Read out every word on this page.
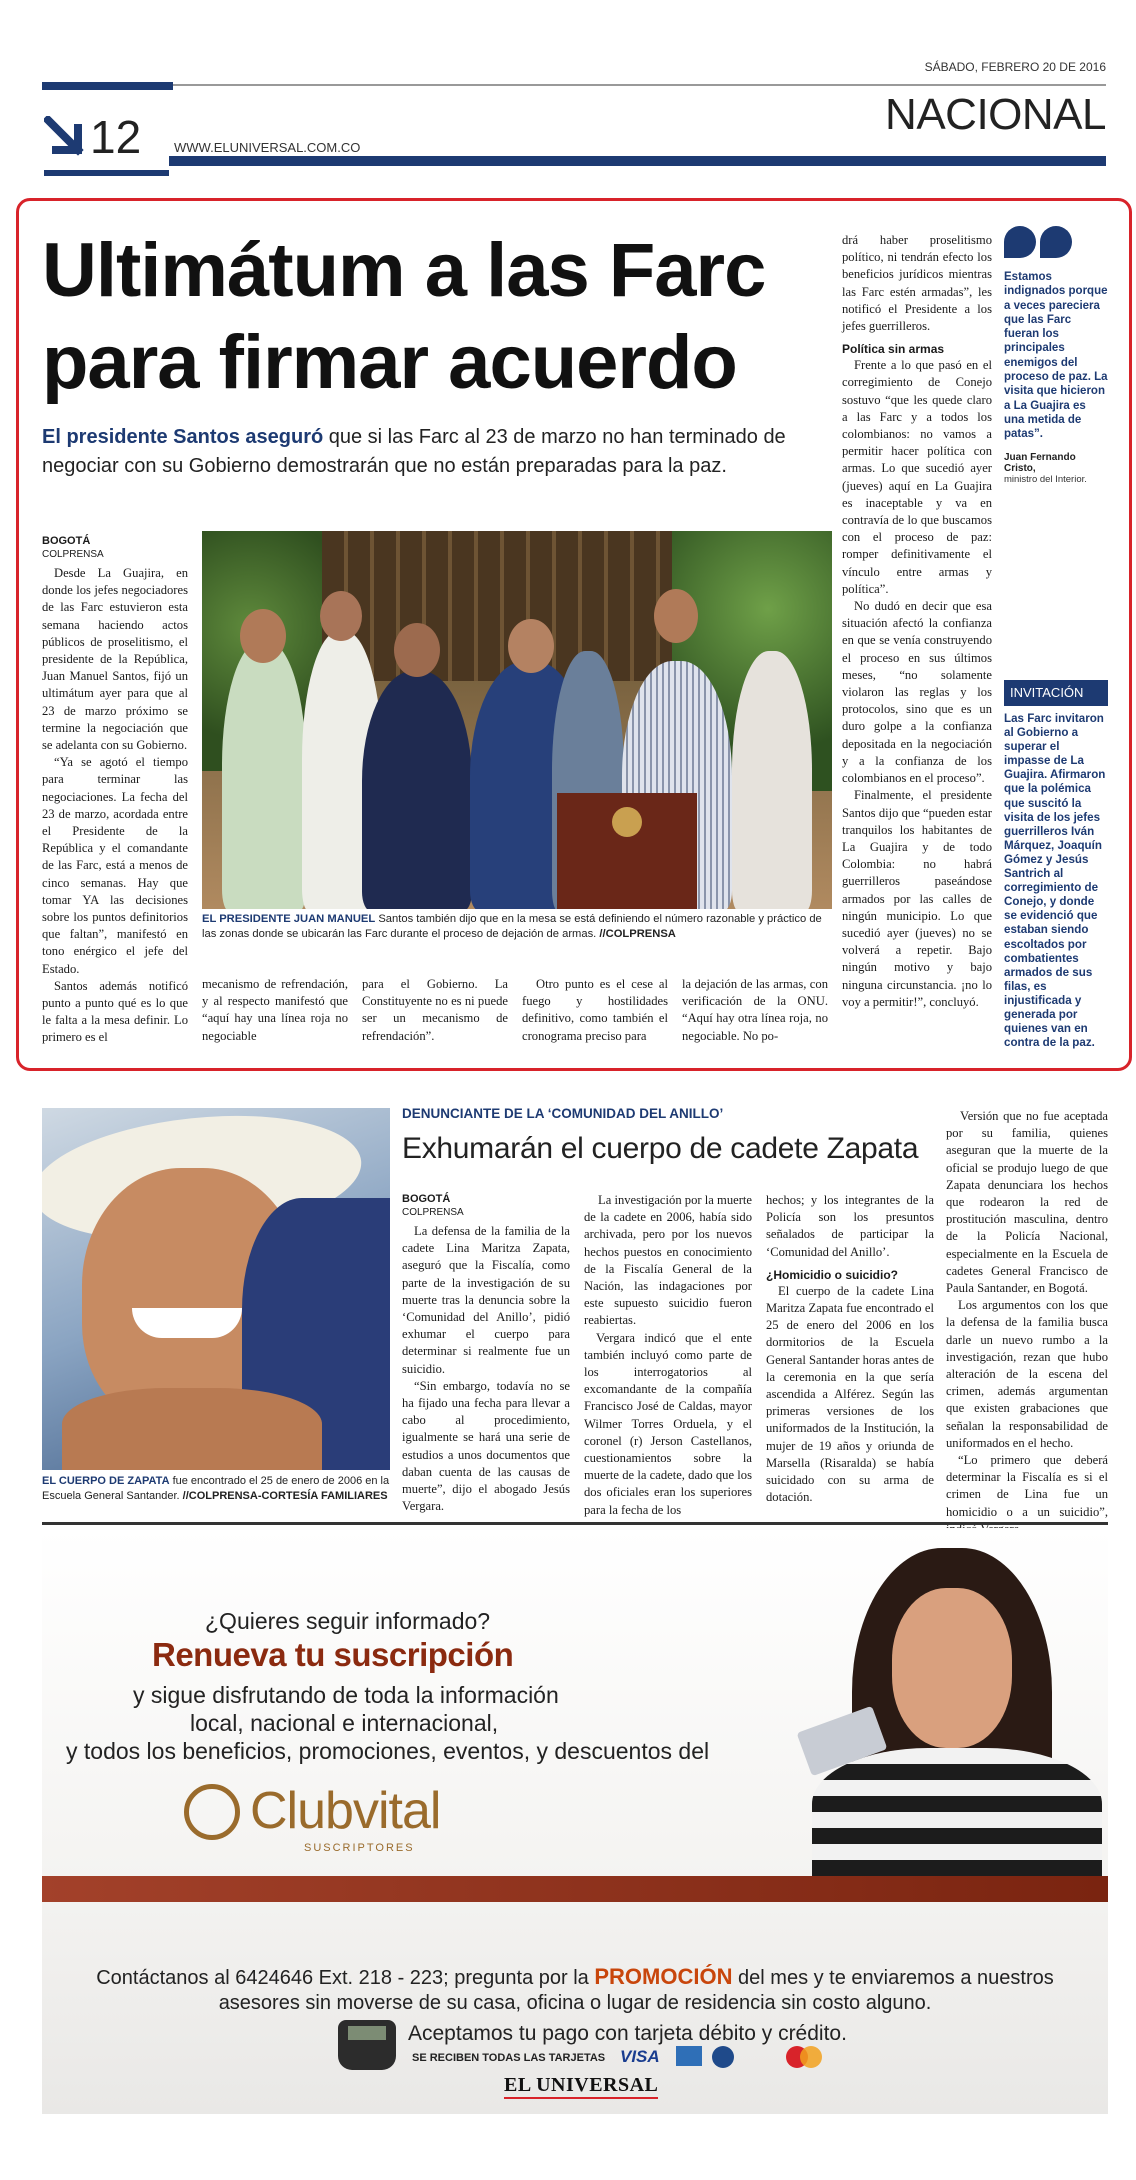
SÁBADO, FEBRERO 20 DE 2016
12	WWW.ELUNIVERSAL.COM.CO
NACIONAL
Ultimátum a las Farc
para firmar acuerdo
El presidente Santos aseguró que si las Farc al 23 de marzo no han terminado de negociar con su Gobierno demostrarán que no están preparadas para la paz.
BOGOTÁ
COLPRENSA

Desde La Guajira, en donde los jefes negociadores de las Farc estuvieron esta semana haciendo actos públicos de proselitismo, el presidente de la República, Juan Manuel Santos, fijó un ultimátum ayer para que al 23 de marzo próximo se termine la negociación que se adelanta con su Gobierno.

“Ya se agotó el tiempo para terminar las negociaciones. La fecha del 23 de marzo, acordada entre el Presidente de la República y el comandante de las Farc, está a menos de cinco semanas. Hay que tomar YA las decisiones sobre los puntos definitorios que faltan”, manifestó en tono enérgico el jefe del Estado.

Santos además notificó punto a punto qué es lo que le falta a la mesa definir. Lo primero es el

EL PRESIDENTE JUAN MANUEL Santos también dijo que en la mesa se está definiendo el número razonable y práctico de las zonas donde se ubicarán las Farc durante el proceso de dejación de armas. //COLPRENSA

mecanismo de refrendación, y al respecto manifestó que “aquí hay una línea roja no negociable

para el Gobierno. La Constituyente no es ni puede ser un mecanismo de refrendación”.

Otro punto es el cese al fuego y hostilidades definitivo, como también el cronograma preciso para

la dejación de las armas, con verificación de la ONU. “Aquí hay otra línea roja, no negociable. No po-

drá haber proselitismo político, ni tendrán efecto los beneficios jurídicos mientras las Farc estén armadas”, les notificó el Presidente a los jefes guerrilleros.

Política sin armas

Frente a lo que pasó en el corregimiento de Conejo sostuvo “que les quede claro a las Farc y a todos los colombianos: no vamos a permitir hacer política con armas. Lo que sucedió ayer (jueves) aquí en La Guajira es inaceptable y va en contravía de lo que buscamos con el proceso de paz: romper definitivamente el vínculo entre armas y política”.

No dudó en decir que esa situación afectó la confianza en que se venía construyendo el proceso en sus últimos meses, “no solamente violaron las reglas y los protocolos, sino que es un duro golpe a la confianza depositada en la negociación y a la confianza de los colombianos en el proceso”.

Finalmente, el presidente Santos dijo que “pueden estar tranquilos los habitantes de La Guajira y de todo Colombia: no habrá guerrilleros paseándose armados por las calles de ningún municipio. Lo que sucedió ayer (jueves) no se volverá a repetir. Bajo ningún motivo y bajo ninguna circunstancia. ¡no lo voy a permitir!”, concluyó.

Estamos indignados porque a veces pareciera que las Farc fueran los principales enemigos del proceso de paz. La visita que hicieron a La Guajira es una metida de patas”.
Juan Fernando Cristo,
ministro del Interior.
INVITACIÓN
Las Farc invitaron al Gobierno a superar el impasse de La Guajira. Afirmaron que la polémica que suscitó la visita de los jefes guerrilleros Iván Márquez, Joaquín Gómez y Jesús Santrich al corregimiento de Conejo, y donde se evidenció que estaban siendo escoltados por combatientes armados de sus filas, es injustificada y generada por quienes van en contra de la paz.
EL CUERPO DE ZAPATA fue encontrado el 25 de enero de 2006 en la Escuela General Santander. //COLPRENSA-CORTESÍA FAMILIARES
DENUNCIANTE DE LA ‘COMUNIDAD DEL ANILLO’
Exhumarán el cuerpo de cadete Zapata
BOGOTÁ
COLPRENSA

La defensa de la familia de la cadete Lina Maritza Zapata, aseguró que la Fiscalía, como parte de la investigación de su muerte tras la denuncia sobre la ‘Comunidad del Anillo’, pidió exhumar el cuerpo para determinar si realmente fue un suicidio.

“Sin embargo, todavía no se ha fijado una fecha para llevar a cabo al procedimiento, igualmente se hará una serie de estudios a unos documentos que daban cuenta de las causas de muerte”, dijo el abogado Jesús Vergara.

La investigación por la muerte de la cadete en 2006, había sido archivada, pero por los nuevos hechos puestos en conocimiento de la Fiscalía General de la Nación, las indagaciones por este supuesto suicidio fueron reabiertas.

Vergara indicó que el ente también incluyó como parte de los interrogatorios al excomandante de la compañía Francisco José de Caldas, mayor Wilmer Torres Orduela, y el coronel (r) Jerson Castellanos, cuestionamientos sobre la muerte de la cadete, dado que los dos oficiales eran los superiores para la fecha de los

hechos; y los integrantes de la Policía son los presuntos señalados de participar la ‘Comunidad del Anillo’.

¿Homicidio o suicidio?

El cuerpo de la cadete Lina Maritza Zapata fue encontrado el 25 de enero del 2006 en los dormitorios de la Escuela General Santander horas antes de la ceremonia en la que sería ascendida a Alférez. Según las primeras versiones de los uniformados de la Institución, la mujer de 19 años y oriunda de Marsella (Risaralda) se había suicidado con su arma de dotación.

Versión que no fue aceptada por su familia, quienes aseguran que la muerte de la oficial se produjo luego de que Zapata denunciara los hechos que rodearon la red de prostitución masculina, dentro de la Policía Nacional, especialmente en la Escuela de cadetes General Francisco de Paula Santander, en Bogotá.

Los argumentos con los que la defensa de la familia busca darle un nuevo rumbo a la investigación, rezan que hubo alteración de la escena del crimen, además argumentan que existen grabaciones que señalan la responsabilidad de uniformados en el hecho.

“Lo primero que deberá determinar la Fiscalía es si el crimen de Lina fue un homicidio o a un suicidio”,

¿Quieres seguir informado?
Renueva tu suscripción
y sigue disfrutando de toda la información
local, nacional e internacional,
y todos los beneficios, promociones, eventos, y descuentos del
Clubvital
SUSCRIPTORES
Contáctanos al 6424646 Ext. 218 - 223; pregunta por la PROMOCIÓN del mes y te enviaremos a nuestros
asesores sin moverse de su casa, oficina o lugar de residencia sin costo alguno.
Aceptamos tu pago con tarjeta débito y crédito.
SE RECIBEN TODAS LAS TARJETAS VISA
EL UNIVERSAL
